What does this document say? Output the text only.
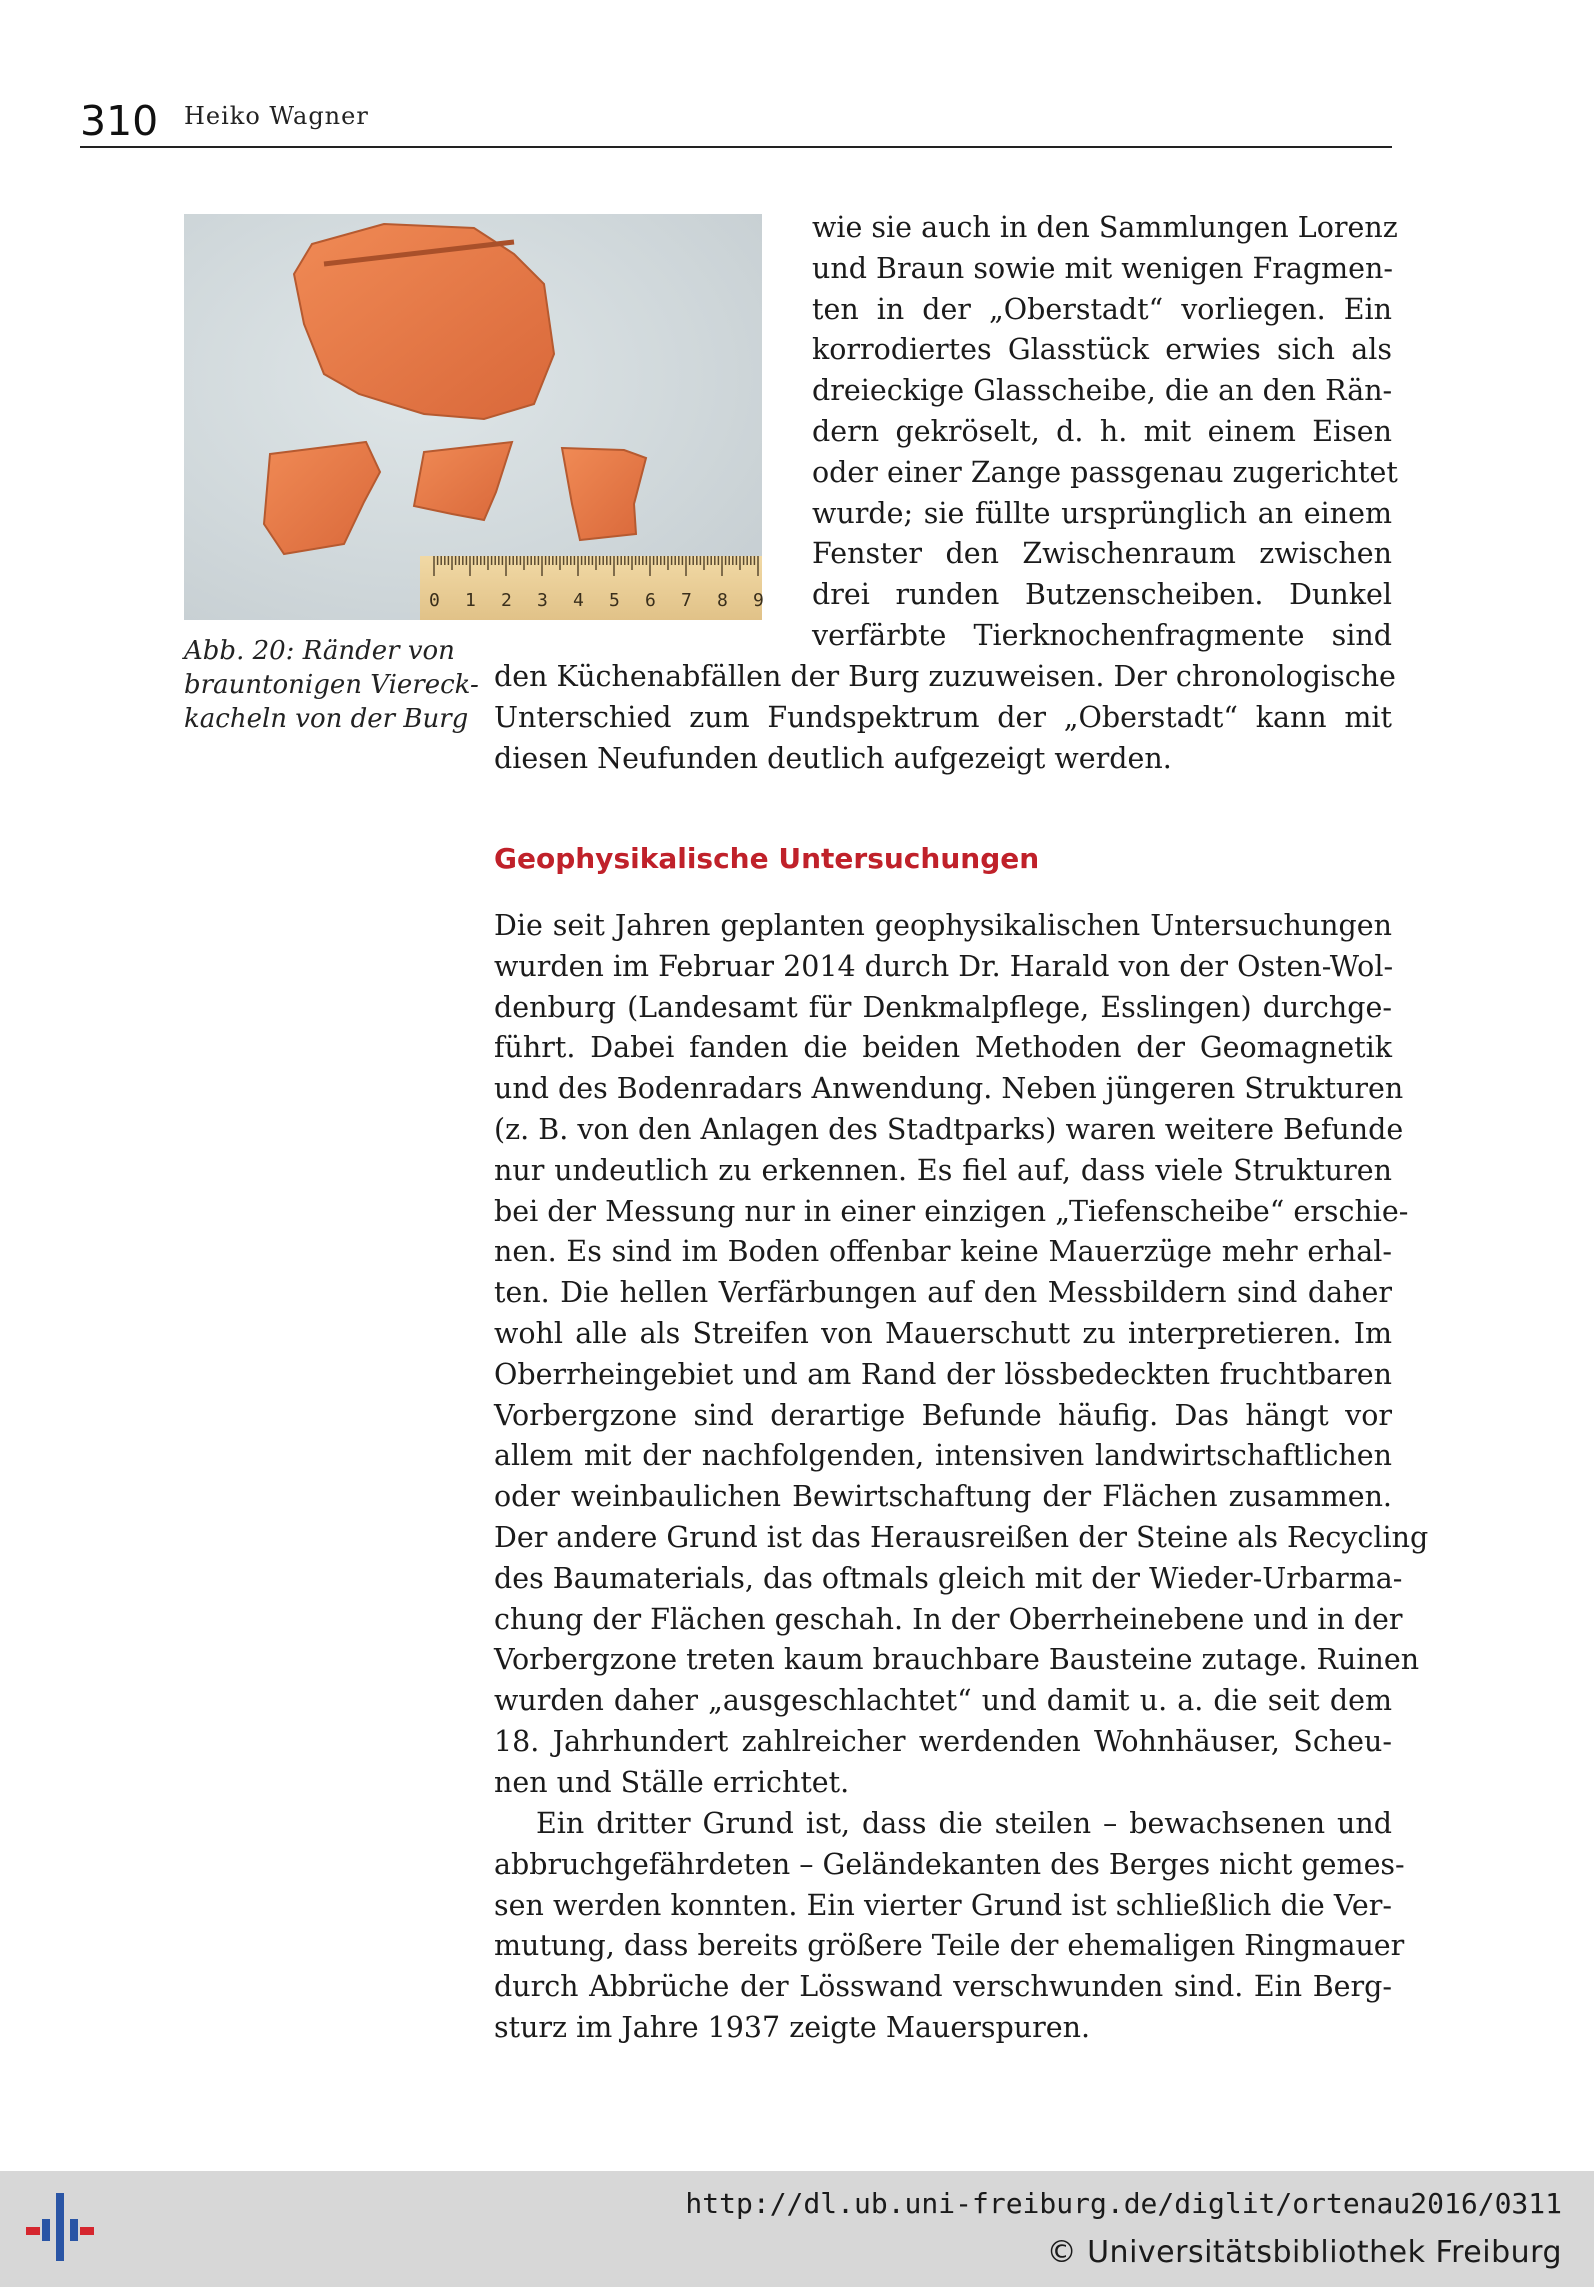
310 Heiko Wagner
0 1 2 3 4 5 6 7 8 9
Abb. 20: Ränder von
brauntonigen Viereck-
kacheln von der Burg
wie sie auch in den Sammlungen Lorenz
und Braun sowie mit wenigen Fragmen-
ten in der „Oberstadt“ vorliegen. Ein
korrodiertes Glasstück erwies sich als
dreieckige Glasscheibe, die an den Rän-
dern gekröselt, d. h. mit einem Eisen
oder einer Zange passgenau zugerichtet
wurde; sie füllte ursprünglich an einem
Fenster den Zwischenraum zwischen
drei runden Butzenscheiben. Dunkel
verfärbte Tierknochenfragmente sind
den Küchenabfällen der Burg zuzuweisen. Der chronologische
Unterschied zum Fundspektrum der „Oberstadt“ kann mit
diesen Neufunden deutlich aufgezeigt werden.
Geophysikalische Untersuchungen
Die seit Jahren geplanten geophysikalischen Untersuchungen
wurden im Februar 2014 durch Dr. Harald von der Osten-Wol-
denburg (Landesamt für Denkmalpflege, Esslingen) durchge-
führt. Dabei fanden die beiden Methoden der Geomagnetik
und des Bodenradars Anwendung. Neben jüngeren Strukturen
(z. B. von den Anlagen des Stadtparks) waren weitere Befunde
nur undeutlich zu erkennen. Es fiel auf, dass viele Strukturen
bei der Messung nur in einer einzigen „Tiefenscheibe“ erschie-
nen. Es sind im Boden offenbar keine Mauerzüge mehr erhal-
ten. Die hellen Verfärbungen auf den Messbildern sind daher
wohl alle als Streifen von Mauerschutt zu interpretieren. Im
Oberrheingebiet und am Rand der lössbedeckten fruchtbaren
Vorbergzone sind derartige Befunde häufig. Das hängt vor
allem mit der nachfolgenden, intensiven landwirtschaftlichen
oder weinbaulichen Bewirtschaftung der Flächen zusammen.
Der andere Grund ist das Herausreißen der Steine als Recycling
des Baumaterials, das oftmals gleich mit der Wieder-Urbarma-
chung der Flächen geschah. In der Oberrheinebene und in der
Vorbergzone treten kaum brauchbare Bausteine zutage. Ruinen
wurden daher „ausgeschlachtet“ und damit u. a. die seit dem
18. Jahrhundert zahlreicher werdenden Wohnhäuser, Scheu-
nen und Ställe errichtet.
Ein dritter Grund ist, dass die steilen – bewachsenen und
abbruchgefährdeten – Geländekanten des Berges nicht gemes-
sen werden konnten. Ein vierter Grund ist schließlich die Ver-
mutung, dass bereits größere Teile der ehemaligen Ringmauer
durch Abbrüche der Lösswand verschwunden sind. Ein Berg-
sturz im Jahre 1937 zeigte Mauerspuren.
http://dl.ub.uni-freiburg.de/diglit/ortenau2016/0311
© Universitätsbibliothek Freiburg
